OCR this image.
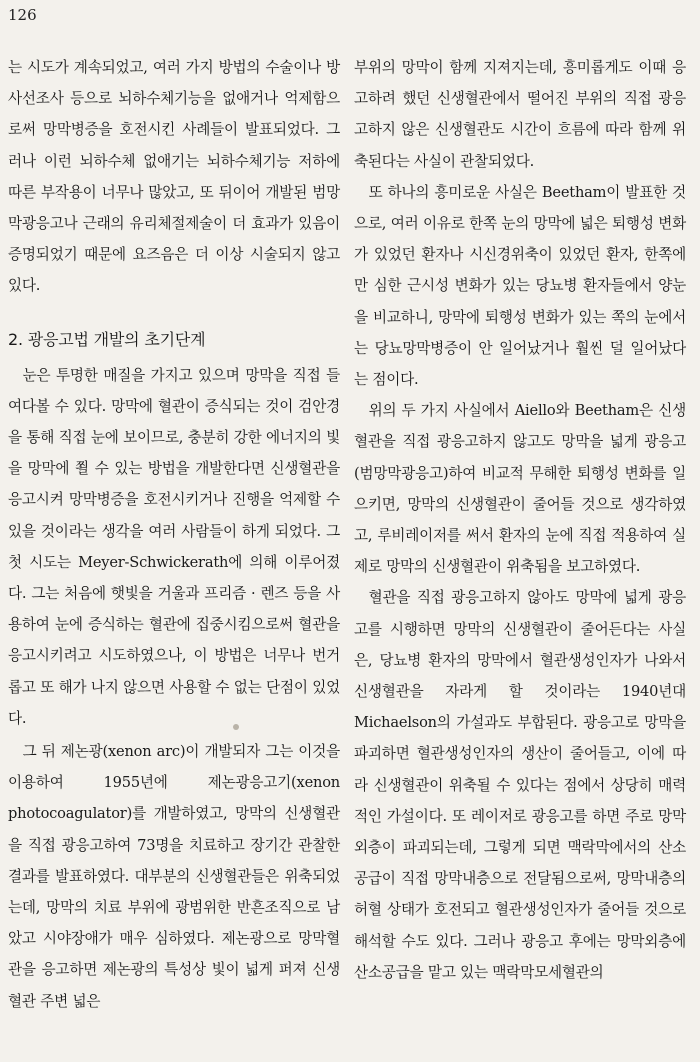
126

는 시도가 계속되었고, 여러 가지 방법의 수술이나 방사선조사 등으로 뇌하수체기능을 없애거나 억제함으로써 망막병증을 호전시킨 사례들이 발표되었다. 그러나 이런 뇌하수체 없애기는 뇌하수체기능 저하에 따른 부작용이 너무나 많았고, 또 뒤이어 개발된 범망막광응고나 근래의 유리체절제술이 더 효과가 있음이 증명되었기 때문에 요즈음은 더 이상 시술되지 않고 있다.

2. 광응고법 개발의 초기단계

눈은 투명한 매질을 가지고 있으며 망막을 직접 들여다볼 수 있다. 망막에 혈관이 증식되는 것이 검안경을 통해 직접 눈에 보이므로, 충분히 강한 에너지의 빛을 망막에 쬘 수 있는 방법을 개발한다면 신생혈관을 응고시켜 망막병증을 호전시키거나 진행을 억제할 수 있을 것이라는 생각을 여러 사람들이 하게 되었다. 그 첫 시도는 Meyer-Schwickerath에 의해 이루어졌다. 그는 처음에 햇빛을 거울과 프리즘 · 렌즈 등을 사용하여 눈에 증식하는 혈관에 집중시킴으로써 혈관을 응고시키려고 시도하였으나, 이 방법은 너무나 번거롭고 또 해가 나지 않으면 사용할 수 없는 단점이 있었다.

그 뒤 제논광(xenon arc)이 개발되자 그는 이것을 이용하여 1955년에 제논광응고기(xenon photocoagulator)를 개발하였고, 망막의 신생혈관을 직접 광응고하여 73명을 치료하고 장기간 관찰한 결과를 발표하였다. 대부분의 신생혈관들은 위축되었는데, 망막의 치료 부위에 광범위한 반흔조직으로 남았고 시야장애가 매우 심하였다. 제논광으로 망막혈관을 응고하면 제논광의 특성상 빛이 넓게 퍼져 신생혈관 주변 넓은

부위의 망막이 함께 지져지는데, 흥미롭게도 이때 응고하려 했던 신생혈관에서 떨어진 부위의 직접 광응고하지 않은 신생혈관도 시간이 흐름에 따라 함께 위축된다는 사실이 관찰되었다.

또 하나의 흥미로운 사실은 Beetham이 발표한 것으로, 여러 이유로 한쪽 눈의 망막에 넓은 퇴행성 변화가 있었던 환자나 시신경위축이 있었던 환자, 한쪽에만 심한 근시성 변화가 있는 당뇨병 환자들에서 양눈을 비교하니, 망막에 퇴행성 변화가 있는 쪽의 눈에서는 당뇨망막병증이 안 일어났거나 훨씬 덜 일어났다는 점이다.

위의 두 가지 사실에서 Aiello와 Beetham은 신생혈관을 직접 광응고하지 않고도 망막을 넓게 광응고(범망막광응고)하여 비교적 무해한 퇴행성 변화를 일으키면, 망막의 신생혈관이 줄어들 것으로 생각하였고, 루비레이저를 써서 환자의 눈에 직접 적용하여 실제로 망막의 신생혈관이 위축됨을 보고하였다.

혈관을 직접 광응고하지 않아도 망막에 넓게 광응고를 시행하면 망막의 신생혈관이 줄어든다는 사실은, 당뇨병 환자의 망막에서 혈관생성인자가 나와서 신생혈관을 자라게 할 것이라는 1940년대 Michaelson의 가설과도 부합된다. 광응고로 망막을 파괴하면 혈관생성인자의 생산이 줄어들고, 이에 따라 신생혈관이 위축될 수 있다는 점에서 상당히 매력적인 가설이다. 또 레이저로 광응고를 하면 주로 망막외층이 파괴되는데, 그렇게 되면 맥락막에서의 산소공급이 직접 망막내층으로 전달됨으로써, 망막내층의 허혈 상태가 호전되고 혈관생성인자가 줄어들 것으로 해석할 수도 있다. 그러나 광응고 후에는 망막외층에 산소공급을 맡고 있는 맥락막모세혈관의
